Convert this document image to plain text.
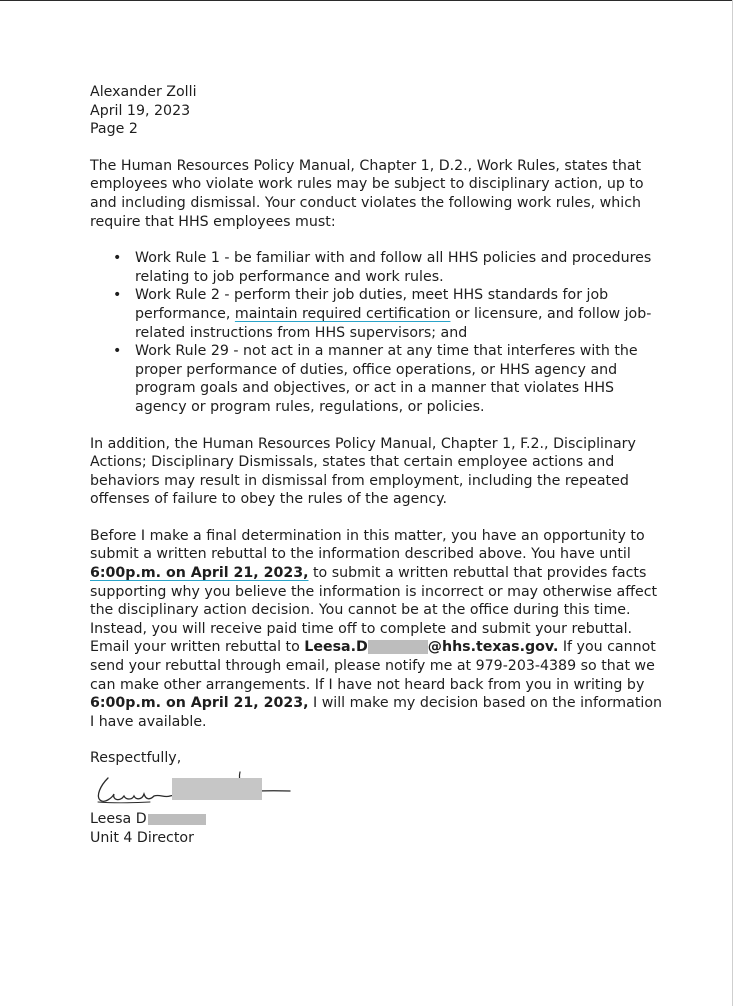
Alexander Zolli
April 19, 2023
Page 2

The Human Resources Policy Manual, Chapter 1, D.2., Work Rules, states that employees who violate work rules may be subject to disciplinary action, up to and including dismissal. Your conduct violates the following work rules, which require that HHS employees must:

• Work Rule 1 - be familiar with and follow all HHS policies and procedures relating to job performance and work rules.
• Work Rule 2 - perform their job duties, meet HHS standards for job performance, maintain required certification or licensure, and follow job-related instructions from HHS supervisors; and
• Work Rule 29 - not act in a manner at any time that interferes with the proper performance of duties, office operations, or HHS agency and program goals and objectives, or act in a manner that violates HHS agency or program rules, regulations, or policies.

In addition, the Human Resources Policy Manual, Chapter 1, F.2., Disciplinary Actions; Disciplinary Dismissals, states that certain employee actions and behaviors may result in dismissal from employment, including the repeated offenses of failure to obey the rules of the agency.

Before I make a final determination in this matter, you have an opportunity to submit a written rebuttal to the information described above. You have until 6:00p.m. on April 21, 2023, to submit a written rebuttal that provides facts supporting why you believe the information is incorrect or may otherwise affect the disciplinary action decision. You cannot be at the office during this time. Instead, you will receive paid time off to complete and submit your rebuttal. Email your written rebuttal to Leesa.D	@hhs.texas.gov. If you cannot send your rebuttal through email, please notify me at 979-203-4389 so that we can make other arrangements. If I have not heard back from you in writing by 6:00p.m. on April 21, 2023, I will make my decision based on the information I have available.

Respectfully,

Leesa D
Unit 4 Director
